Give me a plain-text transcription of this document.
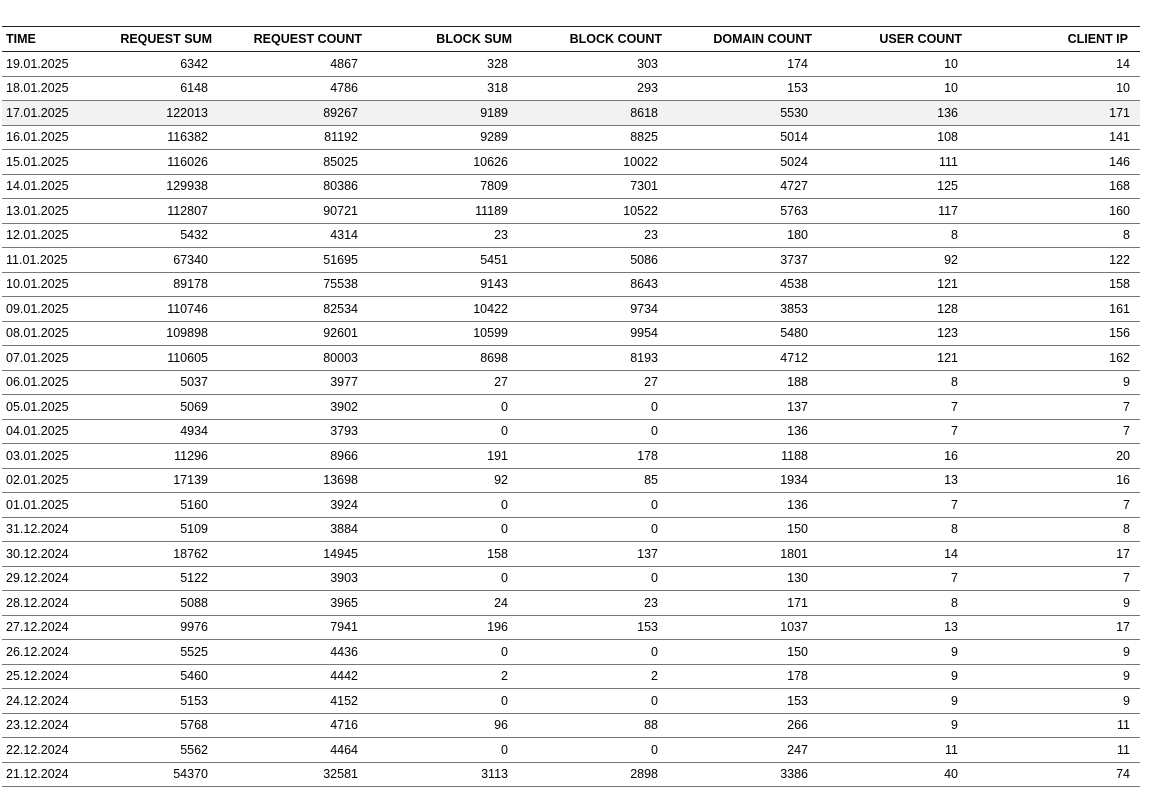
TIME	REQUEST SUM	REQUEST COUNT	BLOCK SUM	BLOCK COUNT	DOMAIN COUNT	USER COUNT	CLIENT IP
19.01.2025	6342	4867	328	303	174	10	14
18.01.2025	6148	4786	318	293	153	10	10
17.01.2025	122013	89267	9189	8618	5530	136	171
16.01.2025	116382	81192	9289	8825	5014	108	141
15.01.2025	116026	85025	10626	10022	5024	111	146
14.01.2025	129938	80386	7809	7301	4727	125	168
13.01.2025	112807	90721	11189	10522	5763	117	160
12.01.2025	5432	4314	23	23	180	8	8
11.01.2025	67340	51695	5451	5086	3737	92	122
10.01.2025	89178	75538	9143	8643	4538	121	158
09.01.2025	110746	82534	10422	9734	3853	128	161
08.01.2025	109898	92601	10599	9954	5480	123	156
07.01.2025	110605	80003	8698	8193	4712	121	162
06.01.2025	5037	3977	27	27	188	8	9
05.01.2025	5069	3902	0	0	137	7	7
04.01.2025	4934	3793	0	0	136	7	7
03.01.2025	11296	8966	191	178	1188	16	20
02.01.2025	17139	13698	92	85	1934	13	16
01.01.2025	5160	3924	0	0	136	7	7
31.12.2024	5109	3884	0	0	150	8	8
30.12.2024	18762	14945	158	137	1801	14	17
29.12.2024	5122	3903	0	0	130	7	7
28.12.2024	5088	3965	24	23	171	8	9
27.12.2024	9976	7941	196	153	1037	13	17
26.12.2024	5525	4436	0	0	150	9	9
25.12.2024	5460	4442	2	2	178	9	9
24.12.2024	5153	4152	0	0	153	9	9
23.12.2024	5768	4716	96	88	266	9	11
22.12.2024	5562	4464	0	0	247	11	11
21.12.2024	54370	32581	3113	2898	3386	40	74
